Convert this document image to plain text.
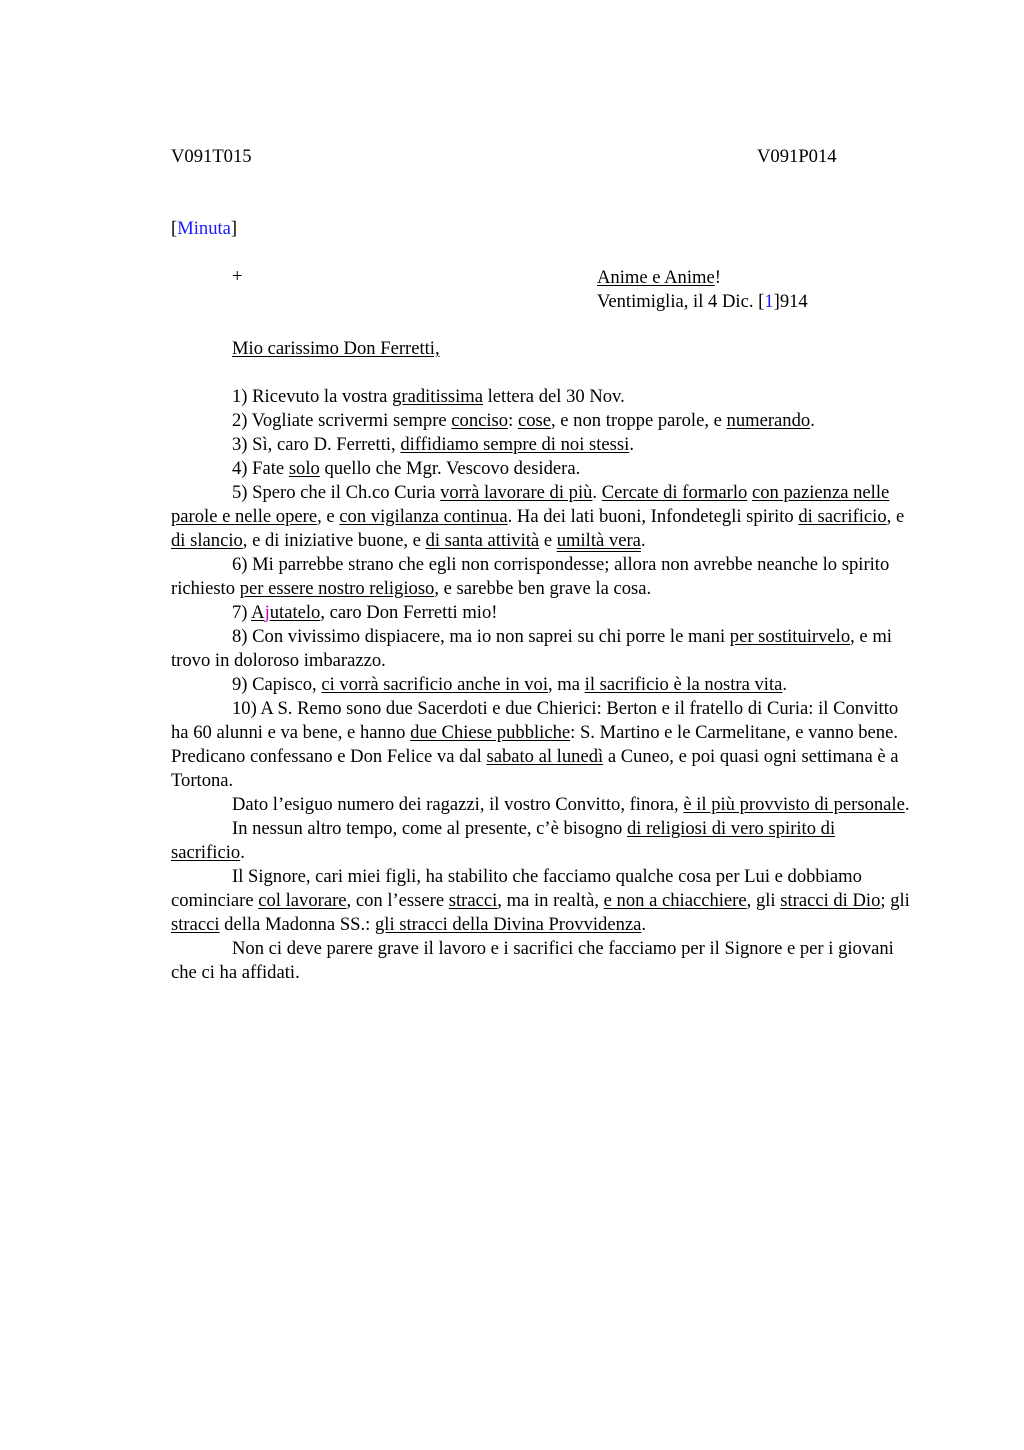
V091T015	V091P014
[Minuta]
+	Anime e Anime!
Ventimiglia, il 4 Dic. [1]914
Mio carissimo Don Ferretti,

1) Ricevuto la vostra graditissima lettera del 30 Nov.

2) Vogliate scrivermi sempre conciso: cose, e non troppe parole, e numerando.

3) Sì, caro D. Ferretti, diffidiamo sempre di noi stessi.

4) Fate solo quello che Mgr. Vescovo desidera.

5) Spero che il Ch.co Curia vorrà lavorare di più. Cercate di formarlo con pazienza nelle parole e nelle opere, e con vigilanza continua. Ha dei lati buoni, Infondetegli spirito di sacrificio, e di slancio, e di iniziative buone, e di santa attività e umiltà vera.

6) Mi parrebbe strano che egli non corrispondesse; allora non avrebbe neanche lo spirito richiesto per essere nostro religioso, e sarebbe ben grave la cosa.

7) Ajutatelo, caro Don Ferretti mio!

8) Con vivissimo dispiacere, ma io non saprei su chi porre le mani per sostituirvelo, e mi trovo in doloroso imbarazzo.

9) Capisco, ci vorrà sacrificio anche in voi, ma il sacrificio è la nostra vita.

10) A S. Remo sono due Sacerdoti e due Chierici: Berton e il fratello di Curia: il Convitto ha 60 alunni e va bene, e hanno due Chiese pubbliche: S. Martino e le Carmelitane, e vanno bene. Predicano confessano e Don Felice va dal sabato al lunedì a Cuneo, e poi quasi ogni settimana è a Tortona.

Dato l’esiguo numero dei ragazzi, il vostro Convitto, finora, è il più provvisto di personale.

In nessun altro tempo, come al presente, c’è bisogno di religiosi di vero spirito di sacrificio.

Il Signore, cari miei figli, ha stabilito che facciamo qualche cosa per Lui e dobbiamo cominciare col lavorare, con l’essere stracci, ma in realtà, e non a chiacchiere, gli stracci di Dio; gli stracci della Madonna SS.: gli stracci della Divina Provvidenza.

Non ci deve parere grave il lavoro e i sacrifici che facciamo per il Signore e per i giovani che ci ha affidati.
